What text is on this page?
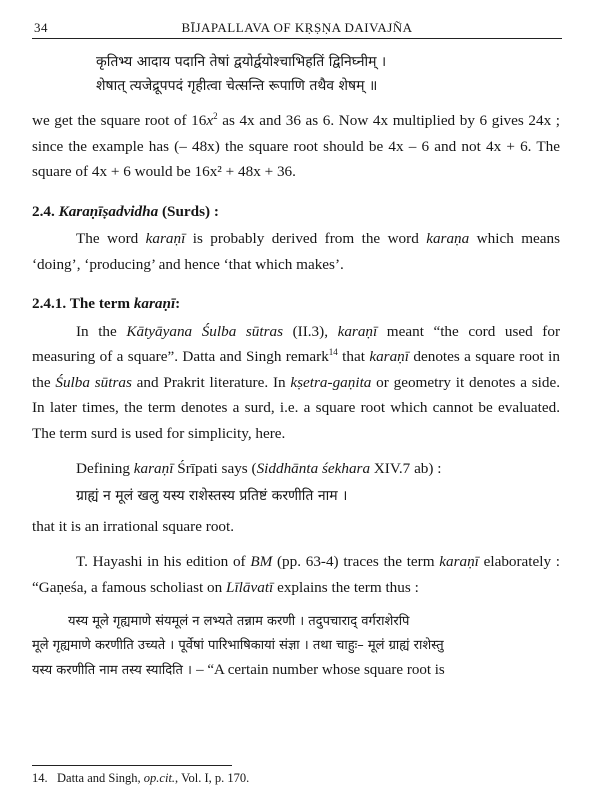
34	BĪJAPALLAVA OF KṚṢṆA DAIVAJÑA
कृतिभ्य आदाय पदानि तेषां द्वयोर्द्वयोश्चाभिहतिं द्विनिघ्नीम् ।
शेषात् त्यजेद्रूपपदं गृहीत्वा चेत्सन्ति रूपाणि तथैव शेषम् ॥

we get the square root of $16x^2$ as 4x and 36 as 6. Now 4x multiplied by 6 gives 24x ; since the example has (– 48x) the square root should be 4x – 6 and not 4x + 6. The square of 4x + 6 would be 16x² + 48x + 36.

2.4. Karaṇīṣadvidha (Surds) :

The word karaṇī is probably derived from the word karaṇa which means ‘doing’, ‘producing’ and hence ‘that which makes’.

2.4.1. The term karaṇī:

In the Kātyāyana Śulba sūtras (II.3), karaṇī meant “the cord used for measuring of a square”. Datta and Singh remark$^{14}$ that karaṇī denotes a square root in the Śulba sūtras and Prakrit literature. In kṣetra-gaṇita or geometry it denotes a side. In later times, the term denotes a surd, i.e. a square root which cannot be evaluated. The term surd is used for simplicity, here.

Defining karaṇī Śrīpati says (Siddhānta śekhara XIV.7 ab) :

ग्राह्यं न मूलं खलु यस्य राशेस्तस्य प्रतिष्टं करणीति नाम ।

that it is an irrational square root.

T. Hayashi in his edition of BM (pp. 63-4) traces the term karaṇī elaborately : “Gaṇeśa, a famous scholiast on Līlāvatī explains the term thus :

यस्य मूले गृह्यमाणे संयमूलं न लभ्यते तन्नाम करणी । तदुपचाराद् वर्गराशेरपि
मूले गृह्यमाणे करणीति उच्यते । पूर्वेषां पारिभाषिकायां संज्ञा । तथा चाहुः– मूलं ग्राह्यं राशेस्तु
यस्य करणीति नाम तस्य स्यादिति । – “A certain number whose square root is
14. Datta and Singh, op.cit., Vol. I, p. 170.
